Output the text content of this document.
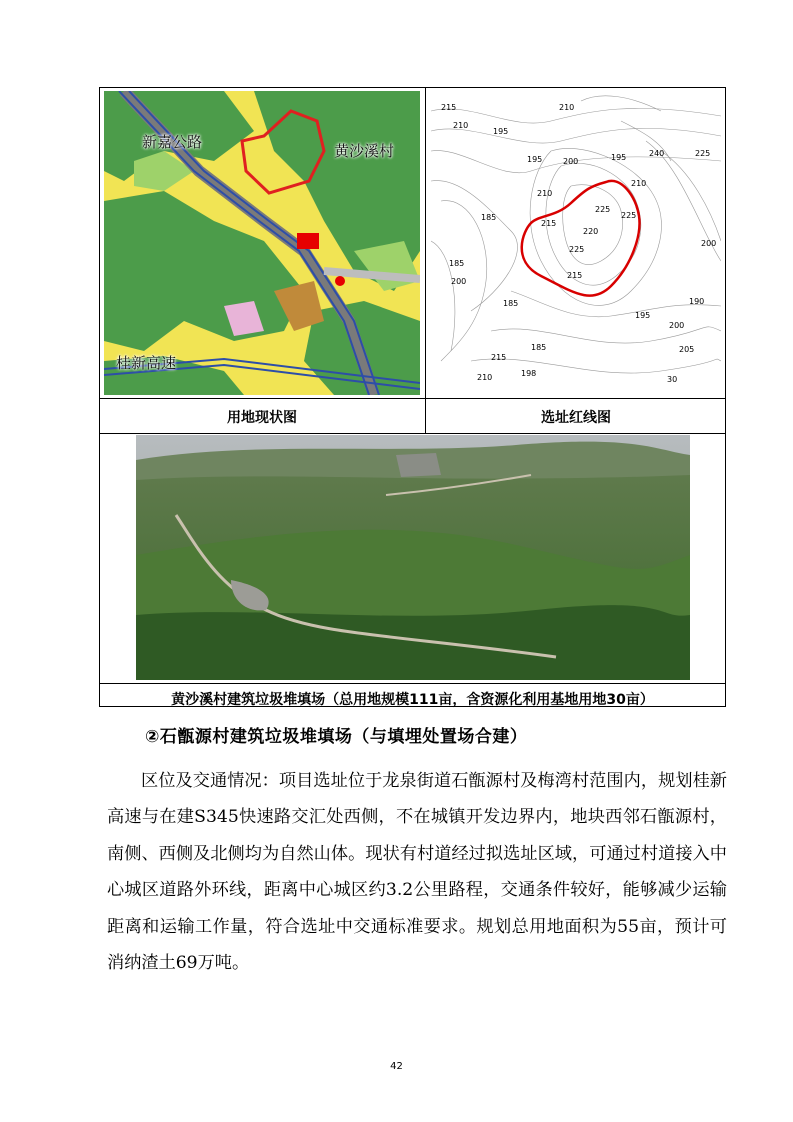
新嘉公路	黄沙溪村
桂新高速
215	210
195
210
195	200
240	225
210
210
225
225
215
220
225
200
185
185
200
215
190
185
195
200
185
215
198
210
205
30
195
用地现状图	选址红线图
黄沙溪村建筑垃圾堆填场（总用地规模111亩，含资源化利用基地用地30亩）
②石甑源村建筑垃圾堆填场（与填埋处置场合建）

区位及交通情况：项目选址位于龙泉街道石甑源村及梅湾村范围内，规划桂新高速与在建S345快速路交汇处西侧，不在城镇开发边界内，地块西邻石甑源村，南侧、西侧及北侧均为自然山体。现状有村道经过拟选址区域，可通过村道接入中心城区道路外环线，距离中心城区约3.2公里路程，交通条件较好，能够减少运输距离和运输工作量，符合选址中交通标准要求。规划总用地面积为55亩，预计可消纳渣土69万吨。

42
